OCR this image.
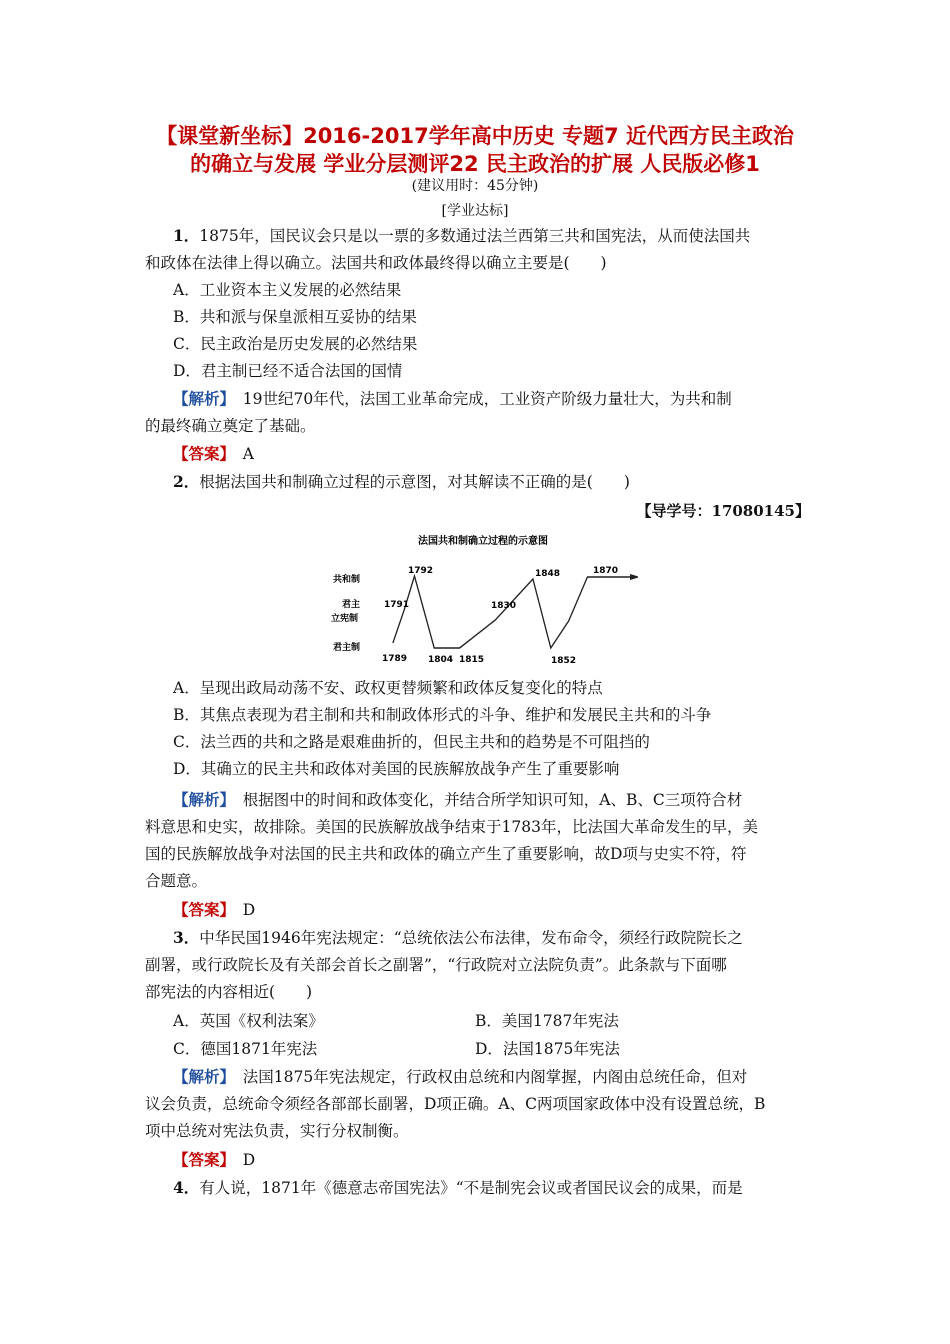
【课堂新坐标】2016-2017学年高中历史 专题7 近代西方民主政治
的确立与发展 学业分层测评22 民主政治的扩展 人民版必修1
(建议用时：45分钟)
[学业达标]
1．1875年，国民议会只是以一票的多数通过法兰西第三共和国宪法，从而使法国共
和政体在法律上得以确立。法国共和政体最终得以确立主要是(　　)
A．工业资本主义发展的必然结果
B．共和派与保皇派相互妥协的结果
C．民主政治是历史发展的必然结果
D．君主制已经不适合法国的国情
【解析】　19世纪70年代，法国工业革命完成，工业资产阶级力量壮大，为共和制
的最终确立奠定了基础。
【答案】　A
2．根据法国共和制确立过程的示意图，对其解读不正确的是(　　)
【导学号：17080145】
法国共和制确立过程的示意图
共和制
君主
立宪制
君主制
1789
1791
1792
1804 1815
1830
1848
1852
1870
A．呈现出政局动荡不安、政权更替频繁和政体反复变化的特点
B．其焦点表现为君主制和共和制政体形式的斗争、维护和发展民主共和的斗争
C．法兰西的共和之路是艰难曲折的，但民主共和的趋势是不可阻挡的
D．其确立的民主共和政体对美国的民族解放战争产生了重要影响
【解析】　根据图中的时间和政体变化，并结合所学知识可知，A、B、C三项符合材
料意思和史实，故排除。美国的民族解放战争结束于1783年，比法国大革命发生的早，美
国的民族解放战争对法国的民主共和政体的确立产生了重要影响，故D项与史实不符，符
合题意。
【答案】　D
3．中华民国1946年宪法规定：“总统依法公布法律，发布命令，须经行政院院长之
副署，或行政院长及有关部会首长之副署”，“行政院对立法院负责”。此条款与下面哪
部宪法的内容相近(　　)
A．英国《权利法案》	B．美国1787年宪法
C．德国1871年宪法	D．法国1875年宪法
【解析】　法国1875年宪法规定，行政权由总统和内阁掌握，内阁由总统任命，但对
议会负责，总统命令须经各部部长副署，D项正确。A、C两项国家政体中没有设置总统，B
项中总统对宪法负责，实行分权制衡。
【答案】　D
4．有人说，1871年《德意志帝国宪法》“不是制宪会议或者国民议会的成果，而是
